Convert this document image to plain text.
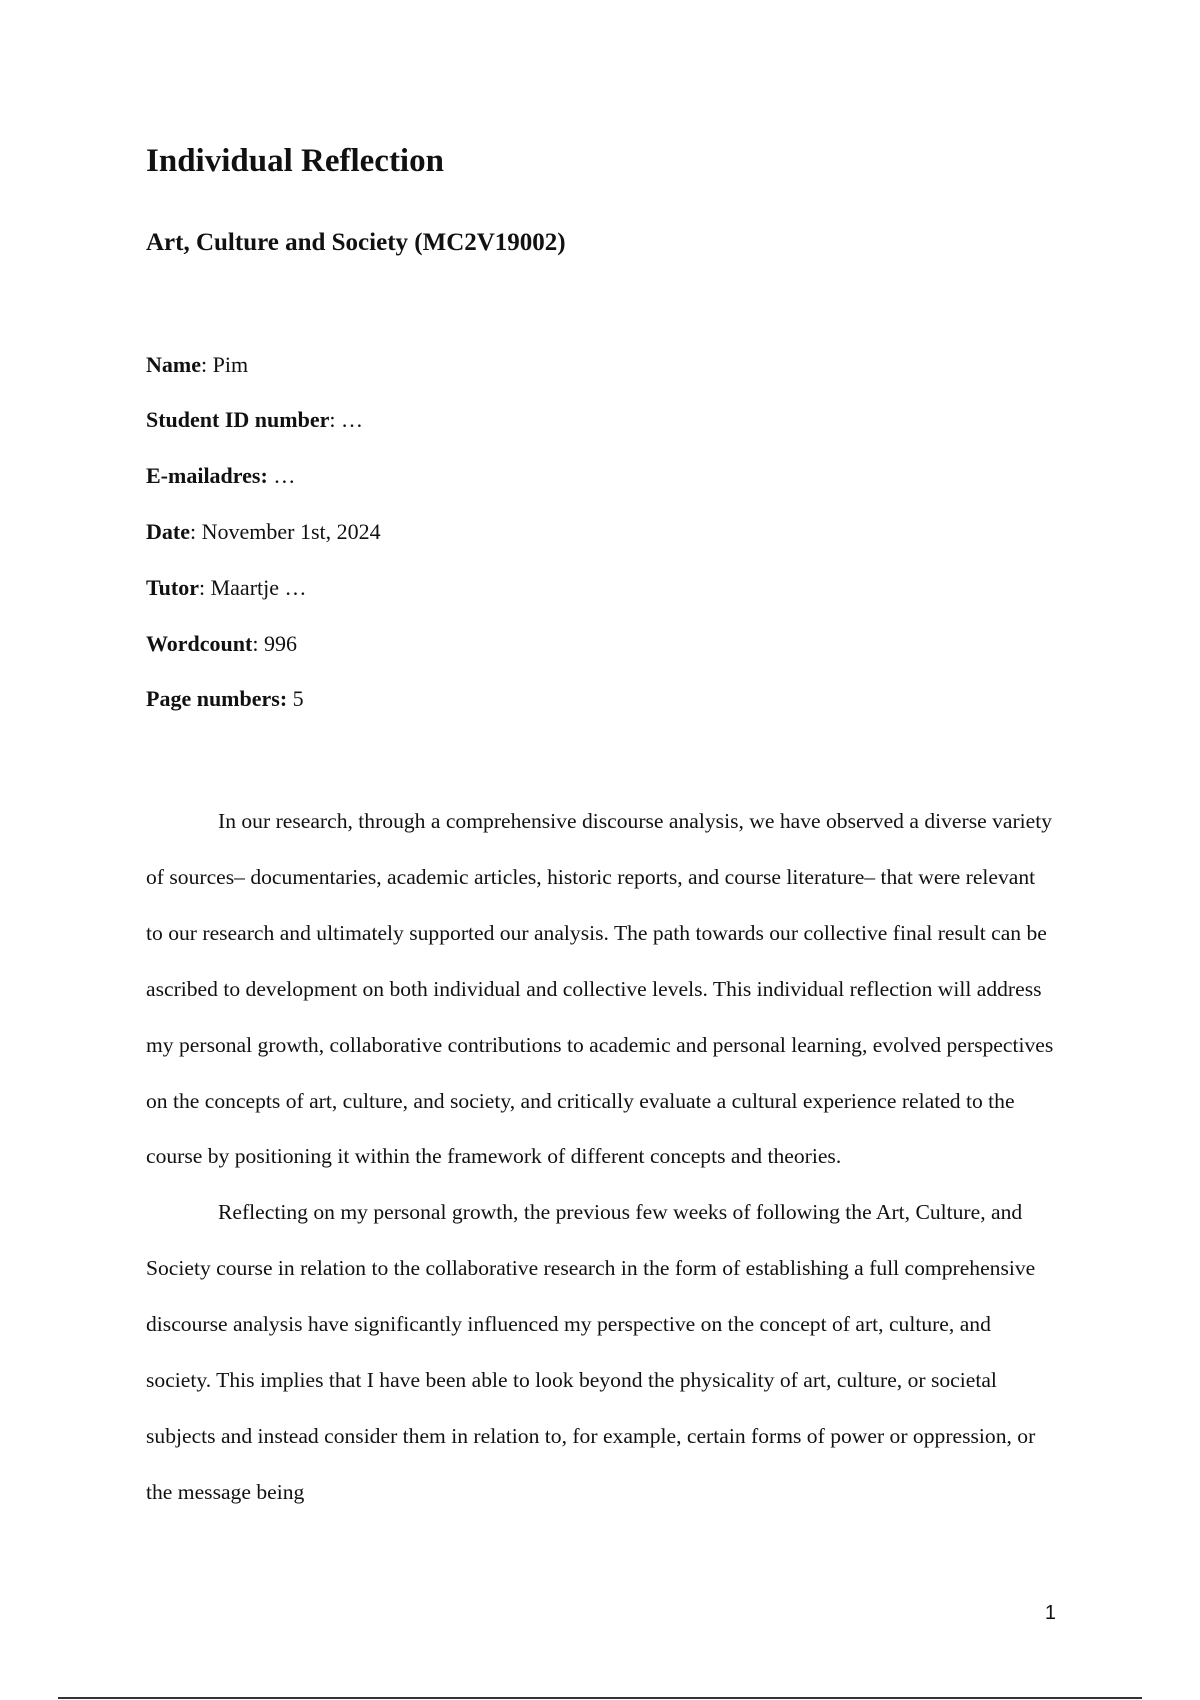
Individual Reflection
Art, Culture and Society (MC2V19002)
Name: Pim
Student ID number: …
E-mailadres: …
Date: November 1st, 2024
Tutor: Maartje …
Wordcount: 996
Page numbers: 5

In our research, through a comprehensive discourse analysis, we have observed a diverse variety of sources– documentaries, academic articles, historic reports, and course literature– that were relevant to our research and ultimately supported our analysis. The path towards our collective final result can be ascribed to development on both individual and collective levels. This individual reflection will address my personal growth, collaborative contributions to academic and personal learning, evolved perspectives on the concepts of art, culture, and society, and critically evaluate a cultural experience related to the course by positioning it within the framework of different concepts and theories.

Reflecting on my personal growth, the previous few weeks of following the Art, Culture, and Society course in relation to the collaborative research in the form of establishing a full comprehensive discourse analysis have significantly influenced my perspective on the concept of art, culture, and society. This implies that I have been able to look beyond the physicality of art, culture, or societal subjects and instead consider them in relation to, for example, certain forms of power or oppression, or the message being

1
